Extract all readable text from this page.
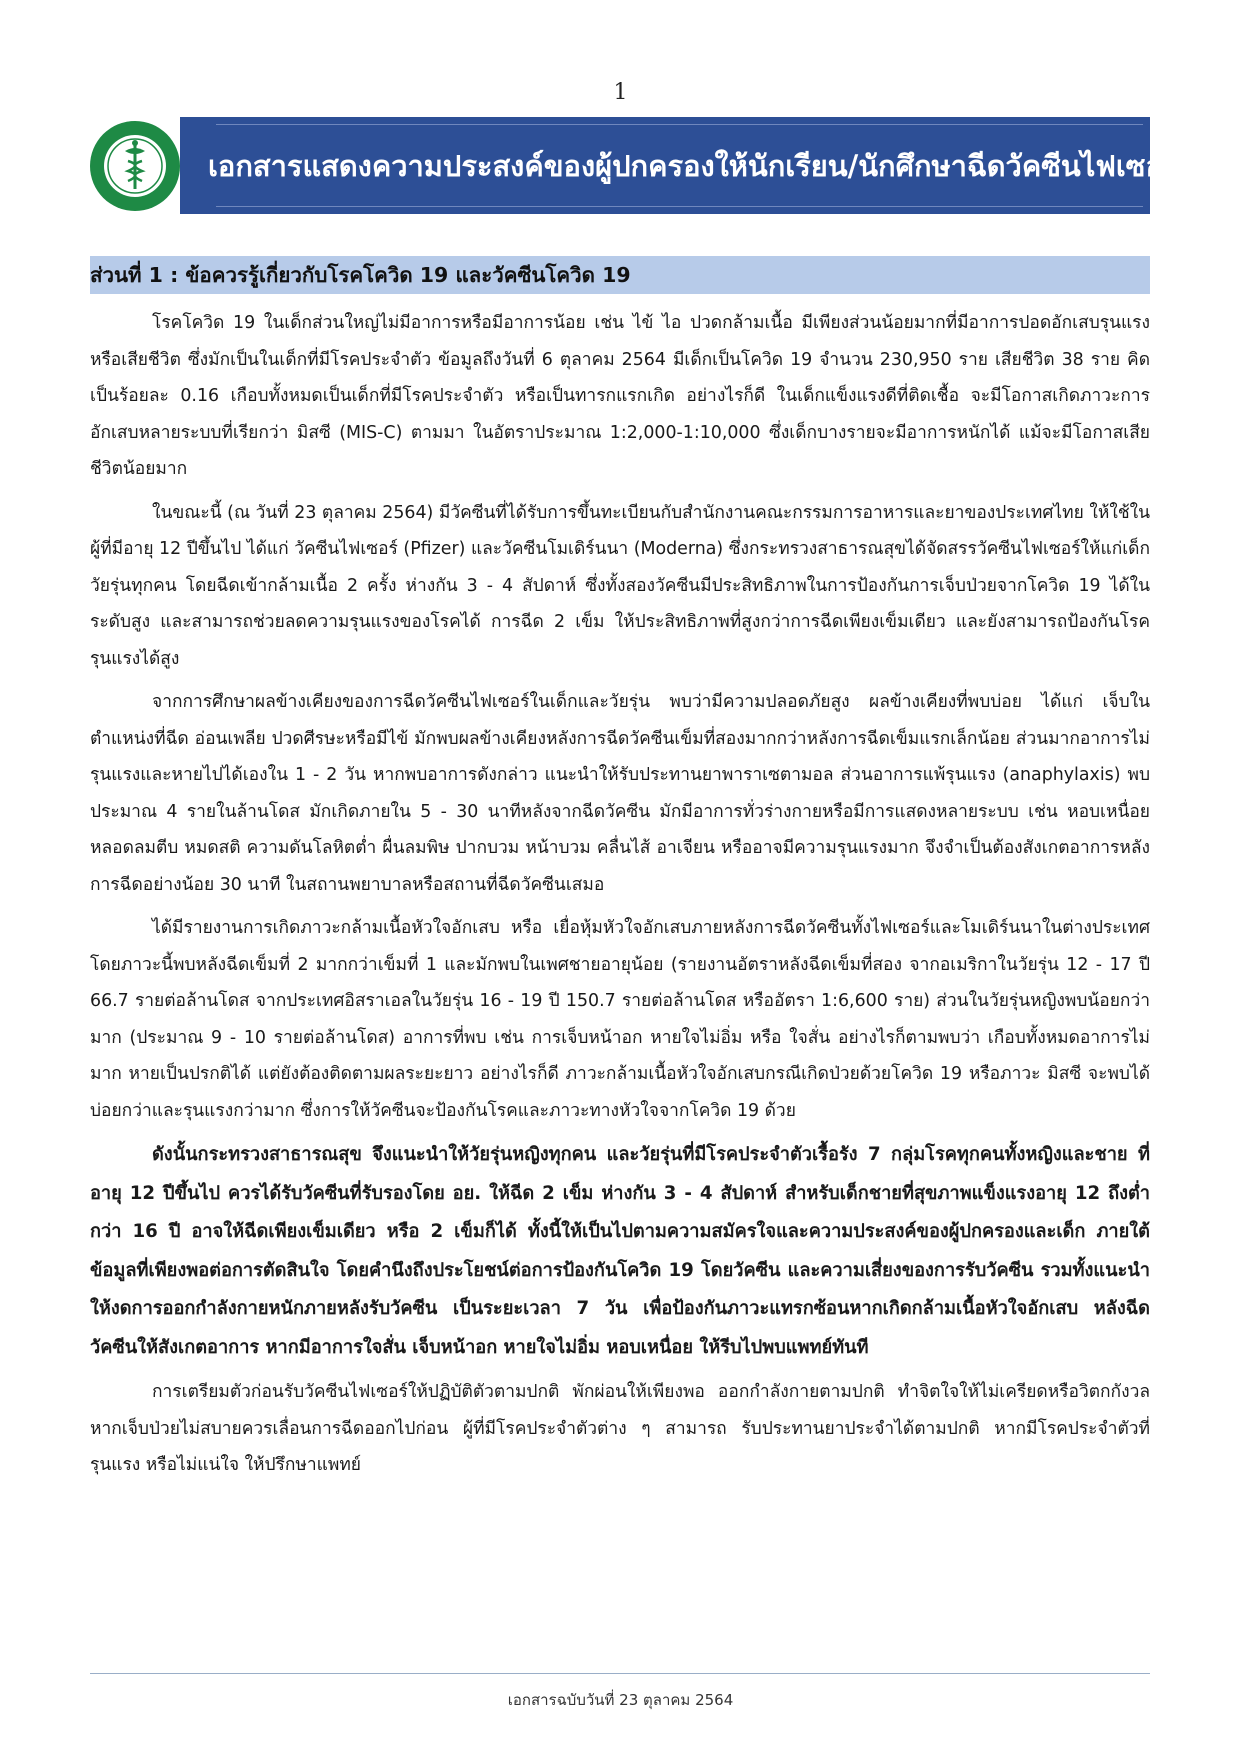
1
เอกสารแสดงความประสงค์ของผู้ปกครองให้นักเรียน/นักศึกษาฉีดวัคซีนไฟเซอร์
ส่วนที่ 1 : ข้อควรรู้เกี่ยวกับโรคโควิด 19 และวัคซีนโควิด 19

โรคโควิด 19 ในเด็กส่วนใหญ่ไม่มีอาการหรือมีอาการน้อย เช่น ไข้ ไอ ปวดกล้ามเนื้อ มีเพียงส่วนน้อยมากที่มีอาการปอดอักเสบรุนแรงหรือเสียชีวิต ซึ่งมักเป็นในเด็กที่มีโรคประจำตัว ข้อมูลถึงวันที่ 6 ตุลาคม 2564 มีเด็กเป็นโควิด 19 จำนวน 230,950 ราย เสียชีวิต 38 ราย คิดเป็นร้อยละ 0.16 เกือบทั้งหมดเป็นเด็กที่มีโรคประจำตัว หรือเป็นทารกแรกเกิด อย่างไรก็ดี ในเด็กแข็งแรงดีที่ติดเชื้อ จะมีโอกาสเกิดภาวะการอักเสบหลายระบบที่เรียกว่า มิสซี (MIS-C) ตามมา ในอัตราประมาณ 1:2,000-1:10,000 ซึ่งเด็กบางรายจะมีอาการหนักได้ แม้จะมีโอกาสเสียชีวิตน้อยมาก

ในขณะนี้ (ณ วันที่ 23 ตุลาคม 2564) มีวัคซีนที่ได้รับการขึ้นทะเบียนกับสำนักงานคณะกรรมการอาหารและยาของประเทศไทย ให้ใช้ในผู้ที่มีอายุ 12 ปีขึ้นไป ได้แก่ วัคซีนไฟเซอร์ (Pfizer) และวัคซีนโมเดิร์นนา (Moderna) ซึ่งกระทรวงสาธารณสุขได้จัดสรรวัคซีนไฟเซอร์ให้แก่เด็กวัยรุ่นทุกคน โดยฉีดเข้ากล้ามเนื้อ 2 ครั้ง ห่างกัน 3 - 4 สัปดาห์ ซึ่งทั้งสองวัคซีนมีประสิทธิภาพในการป้องกันการเจ็บป่วยจากโควิด 19 ได้ในระดับสูง และสามารถช่วยลดความรุนแรงของโรคได้ การฉีด 2 เข็ม ให้ประสิทธิภาพที่สูงกว่าการฉีดเพียงเข็มเดียว และยังสามารถป้องกันโรครุนแรงได้สูง

จากการศึกษาผลข้างเคียงของการฉีดวัคซีนไฟเซอร์ในเด็กและวัยรุ่น พบว่ามีความปลอดภัยสูง ผลข้างเคียงที่พบบ่อย ได้แก่ เจ็บในตำแหน่งที่ฉีด อ่อนเพลีย ปวดศีรษะหรือมีไข้ มักพบผลข้างเคียงหลังการฉีดวัคซีนเข็มที่สองมากกว่าหลังการฉีดเข็มแรกเล็กน้อย ส่วนมากอาการไม่รุนแรงและหายไปได้เองใน 1 - 2 วัน หากพบอาการดังกล่าว แนะนำให้รับประทานยาพาราเซตามอล ส่วนอาการแพ้รุนแรง (anaphylaxis) พบประมาณ 4 รายในล้านโดส มักเกิดภายใน 5 - 30 นาทีหลังจากฉีดวัคซีน มักมีอาการทั่วร่างกายหรือมีการแสดงหลายระบบ เช่น หอบเหนื่อย หลอดลมตีบ หมดสติ ความดันโลหิตต่ำ ผื่นลมพิษ ปากบวม หน้าบวม คลื่นไส้ อาเจียน หรืออาจมีความรุนแรงมาก จึงจำเป็นต้องสังเกตอาการหลังการฉีดอย่างน้อย 30 นาที ในสถานพยาบาลหรือสถานที่ฉีดวัคซีนเสมอ

ได้มีรายงานการเกิดภาวะกล้ามเนื้อหัวใจอักเสบ หรือ เยื่อหุ้มหัวใจอักเสบภายหลังการฉีดวัคซีนทั้งไฟเซอร์และโมเดิร์นนาในต่างประเทศ โดยภาวะนี้พบหลังฉีดเข็มที่ 2 มากกว่าเข็มที่ 1 และมักพบในเพศชายอายุน้อย (รายงานอัตราหลังฉีดเข็มที่สอง จากอเมริกาในวัยรุ่น 12 - 17 ปี 66.7 รายต่อล้านโดส จากประเทศอิสราเอลในวัยรุ่น 16 - 19 ปี 150.7 รายต่อล้านโดส หรืออัตรา 1:6,600 ราย) ส่วนในวัยรุ่นหญิงพบน้อยกว่ามาก (ประมาณ 9 - 10 รายต่อล้านโดส) อาการที่พบ เช่น การเจ็บหน้าอก หายใจไม่อิ่ม หรือ ใจสั่น อย่างไรก็ตามพบว่า เกือบทั้งหมดอาการไม่มาก หายเป็นปรกติได้ แต่ยังต้องติดตามผลระยะยาว อย่างไรก็ดี ภาวะกล้ามเนื้อหัวใจอักเสบกรณีเกิดป่วยด้วยโควิด 19 หรือภาวะ มิสซี จะพบได้บ่อยกว่าและรุนแรงกว่ามาก ซึ่งการให้วัคซีนจะป้องกันโรคและภาวะทางหัวใจจากโควิด 19 ด้วย

ดังนั้นกระทรวงสาธารณสุข จึงแนะนำให้วัยรุ่นหญิงทุกคน และวัยรุ่นที่มีโรคประจำตัวเรื้อรัง 7 กลุ่มโรคทุกคนทั้งหญิงและชาย ที่อายุ 12 ปีขึ้นไป ควรได้รับวัคซีนที่รับรองโดย อย. ให้ฉีด 2 เข็ม ห่างกัน 3 - 4 สัปดาห์ สำหรับเด็กชายที่สุขภาพแข็งแรงอายุ 12 ถึงต่ำกว่า 16 ปี อาจให้ฉีดเพียงเข็มเดียว หรือ 2 เข็มก็ได้ ทั้งนี้ให้เป็นไปตามความสมัครใจและความประสงค์ของผู้ปกครองและเด็ก ภายใต้ข้อมูลที่เพียงพอต่อการตัดสินใจ โดยคำนึงถึงประโยชน์ต่อการป้องกันโควิด 19 โดยวัคซีน และความเสี่ยงของการรับวัคซีน รวมทั้งแนะนำให้งดการออกกำลังกายหนักภายหลังรับวัคซีน เป็นระยะเวลา 7 วัน เพื่อป้องกันภาวะแทรกซ้อนหากเกิดกล้ามเนื้อหัวใจอักเสบ หลังฉีดวัคซีนให้สังเกตอาการ หากมีอาการใจสั่น เจ็บหน้าอก หายใจไม่อิ่ม หอบเหนื่อย ให้รีบไปพบแพทย์ทันที

การเตรียมตัวก่อนรับวัคซีนไฟเซอร์ให้ปฏิบัติตัวตามปกติ พักผ่อนให้เพียงพอ ออกกำลังกายตามปกติ ทำจิตใจให้ไม่เครียดหรือวิตกกังวล หากเจ็บป่วยไม่สบายควรเลื่อนการฉีดออกไปก่อน ผู้ที่มีโรคประจำตัวต่าง ๆ สามารถ รับประทานยาประจำได้ตามปกติ หากมีโรคประจำตัวที่รุนแรง หรือไม่แน่ใจ ให้ปรึกษาแพทย์

เอกสารฉบับวันที่ 23 ตุลาคม 2564
